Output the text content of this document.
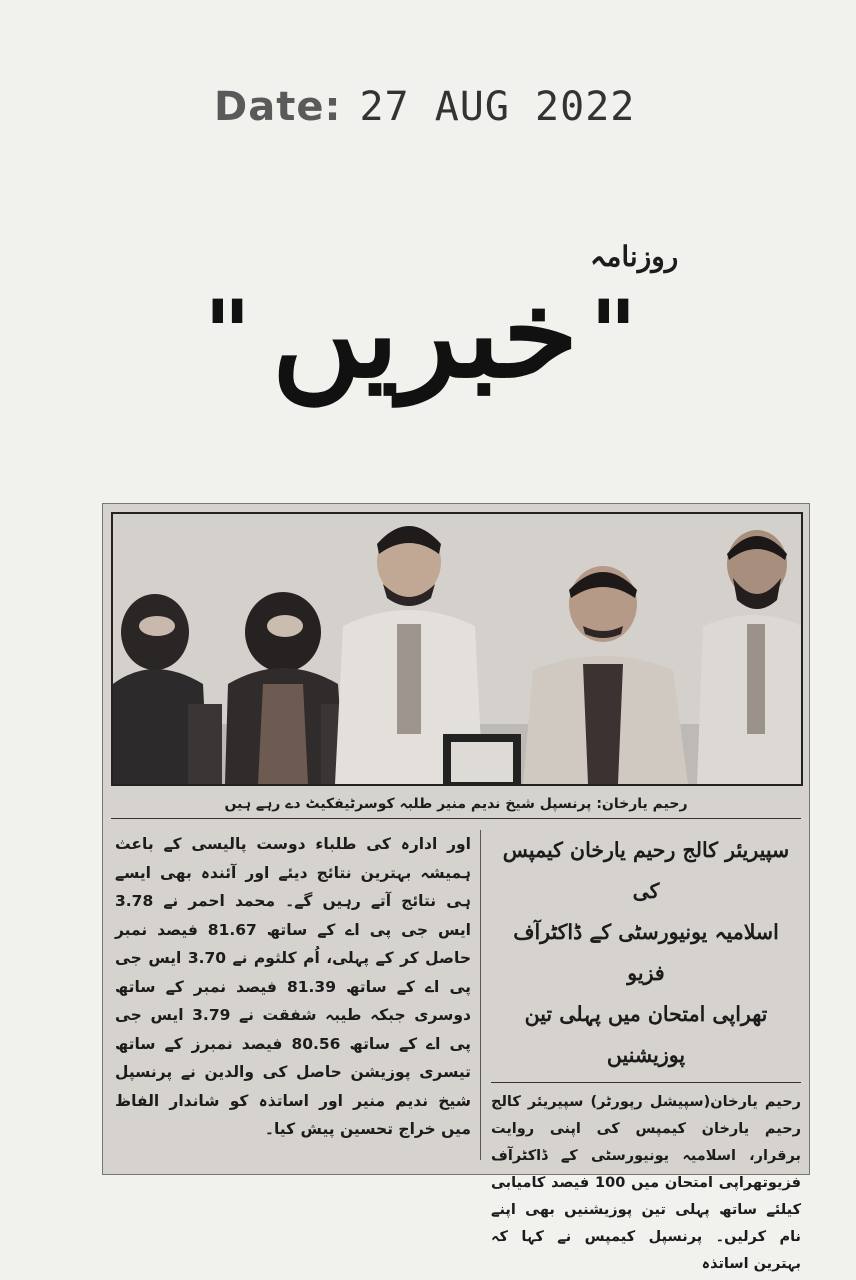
Date: 27 AUG 2022
روزنامہ
" خبریں "
رحیم یارخان: پرنسپل شیخ ندیم منیر طلبہ کوسرٹیفکیٹ دے رہے ہیں

سپیریئر کالج رحیم یارخان کیمپس کی
اسلامیہ یونیورسٹی کے ڈاکٹرآف فزیو
تھراپی امتحان میں پہلی تین پوزیشنیں

رحیم یارخان(سپیشل رپورٹر) سپیریئر کالج رحیم یارخان کیمپس کی اپنی روایت برقرار، اسلامیہ یونیورسٹی کے ڈاکٹرآف فزیوتھراپی امتحان میں 100 فیصد کامیابی کیلئے ساتھ پہلی تین پوزیشنیں بھی اپنے نام کرلیں۔ پرنسپل کیمپس نے کہا کہ بہترین اساتذہ

اور ادارہ کی طلباء دوست پالیسی کے باعث ہمیشہ بہترین نتائج دیئے اور آئندہ بھی ایسے ہی نتائج آتے رہیں گے۔ محمد احمر نے 3.78 ایس جی پی اے کے ساتھ 81.67 فیصد نمبر حاصل کر کے پہلی، اُم کلثوم نے 3.70 ایس جی پی اے کے ساتھ 81.39 فیصد نمبر کے ساتھ دوسری جبکہ طیبہ شفقت نے 3.79 ایس جی پی اے کے ساتھ 80.56 فیصد نمبرز کے ساتھ تیسری پوزیشن حاصل کی والدین نے پرنسپل شیخ ندیم منیر اور اساتذہ کو شاندار الفاظ میں خراج تحسین پیش کیا۔
